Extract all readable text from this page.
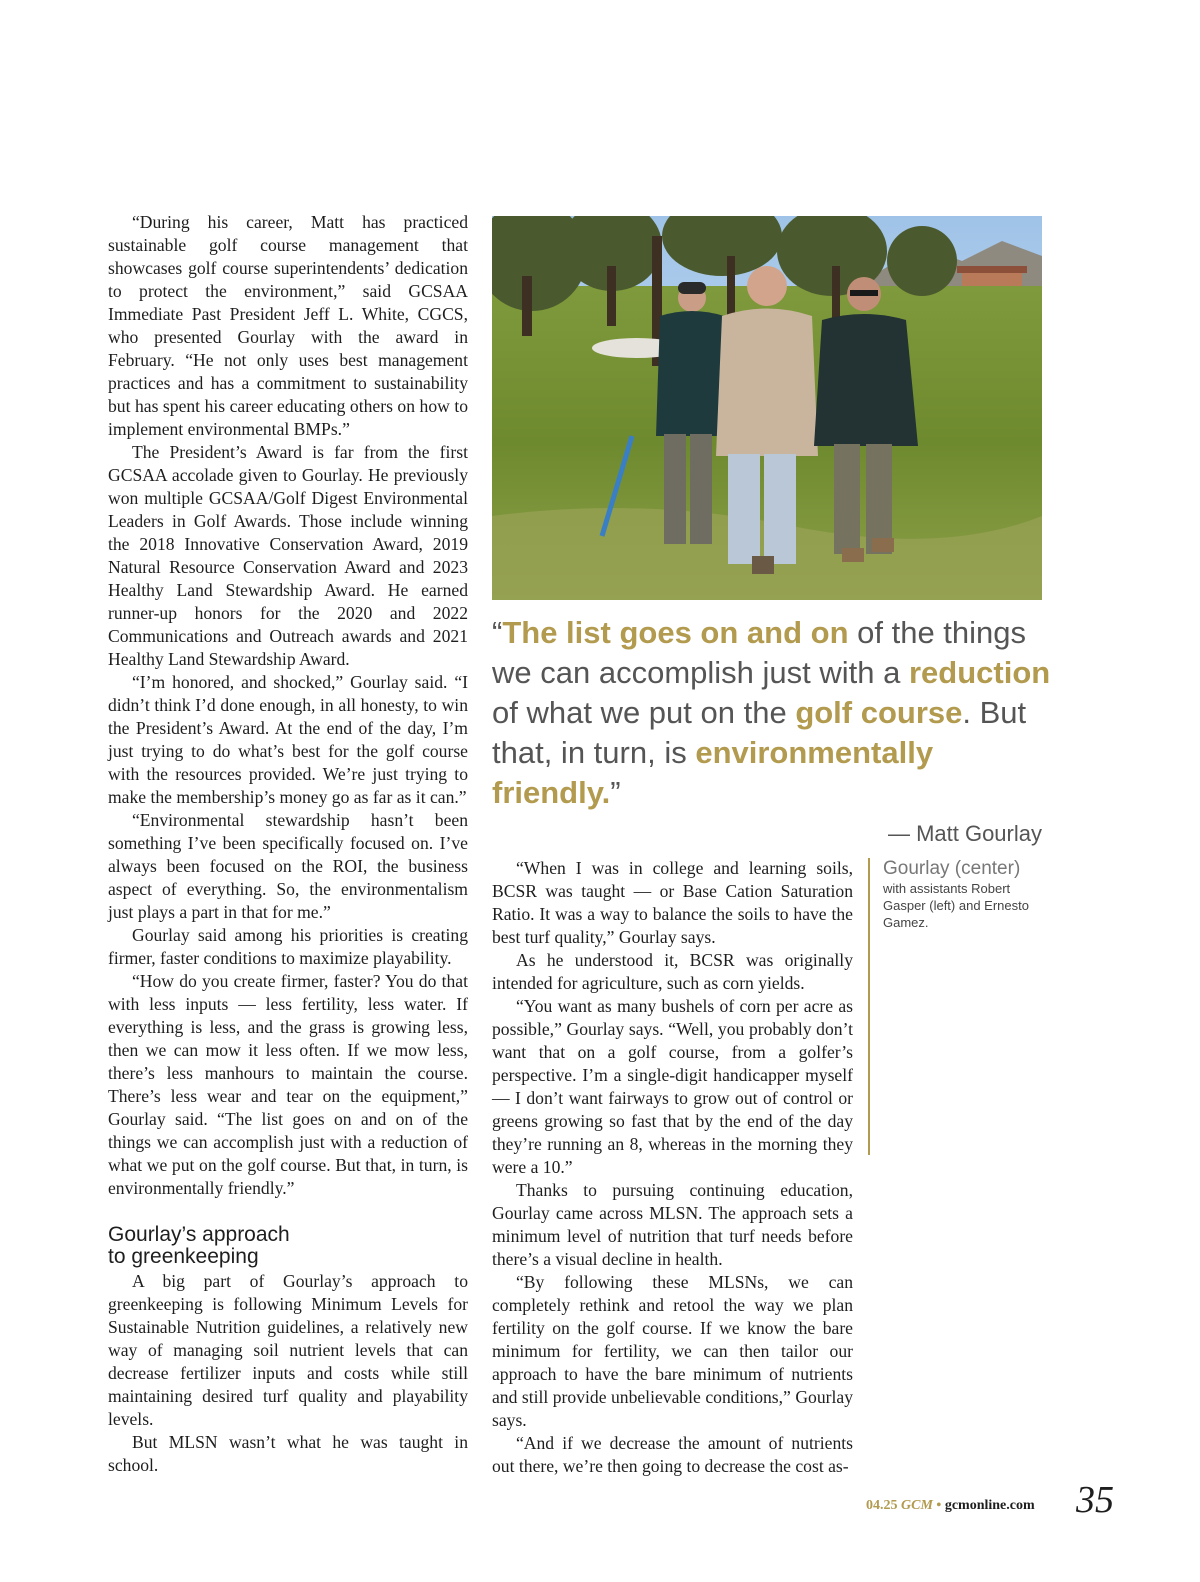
“During his career, Matt has practiced sustainable golf course management that showcases golf course superintendents’ dedication to protect the environment,” said GCSAA Immediate Past President Jeff L. White, CGCS, who presented Gourlay with the award in February. “He not only uses best management practices and has a commitment to sustainability but has spent his career educating others on how to implement environmental BMPs.”

The President’s Award is far from the first GCSAA accolade given to Gourlay. He previously won multiple GCSAA/Golf Digest Environmental Leaders in Golf Awards. Those include winning the 2018 Innovative Conservation Award, 2019 Natural Resource Conservation Award and 2023 Healthy Land Stewardship Award. He earned runner-up honors for the 2020 and 2022 Communications and Outreach awards and 2021 Healthy Land Stewardship Award.

“I’m honored, and shocked,” Gourlay said. “I didn’t think I’d done enough, in all honesty, to win the President’s Award. At the end of the day, I’m just trying to do what’s best for the golf course with the resources provided. We’re just trying to make the membership’s money go as far as it can.”

“Environmental stewardship hasn’t been something I’ve been specifically focused on. I’ve always been focused on the ROI, the business aspect of everything. So, the environmentalism just plays a part in that for me.”

Gourlay said among his priorities is creating firmer, faster conditions to maximize playability.

“How do you create firmer, faster? You do that with less inputs — less fertility, less water. If everything is less, and the grass is growing less, then we can mow it less often. If we mow less, there’s less manhours to maintain the course. There’s less wear and tear on the equipment,” Gourlay said. “The list goes on and on of the things we can accomplish just with a reduction of what we put on the golf course. But that, in turn, is environmentally friendly.”

Gourlay’s approach
to greenkeeping

A big part of Gourlay’s approach to greenkeeping is following Minimum Levels for Sustainable Nutrition guidelines, a relatively new way of managing soil nutrient levels that can decrease fertilizer inputs and costs while still maintaining desired turf quality and playability levels.

But MLSN wasn’t what he was taught in school.

“The list goes on and on of the things we can accomplish just with a reduction of what we put on the golf course. But that, in turn, is environmentally friendly.”

— Matt Gourlay

“When I was in college and learning soils, BCSR was taught — or Base Cation Saturation Ratio. It was a way to balance the soils to have the best turf quality,” Gourlay says.

As he understood it, BCSR was originally intended for agriculture, such as corn yields.

“You want as many bushels of corn per acre as possible,” Gourlay says. “Well, you probably don’t want that on a golf course, from a golfer’s perspective. I’m a single-digit handicapper myself — I don’t want fairways to grow out of control or greens growing so fast that by the end of the day they’re running an 8, whereas in the morning they were a 10.”

Thanks to pursuing continuing education, Gourlay came across MLSN. The approach sets a minimum level of nutrition that turf needs before there’s a visual decline in health.

“By following these MLSNs, we can completely rethink and retool the way we plan fertility on the golf course. If we know the bare minimum for fertility, we can then tailor our approach to have the bare minimum of nutrients and still provide unbelievable conditions,” Gourlay says.

“And if we decrease the amount of nutrients out there, we’re then going to decrease the cost as-

Gourlay (center)
with assistants Robert Gasper (left) and Ernesto Gamez.
04.25 GCM • gcmonline.com 35
